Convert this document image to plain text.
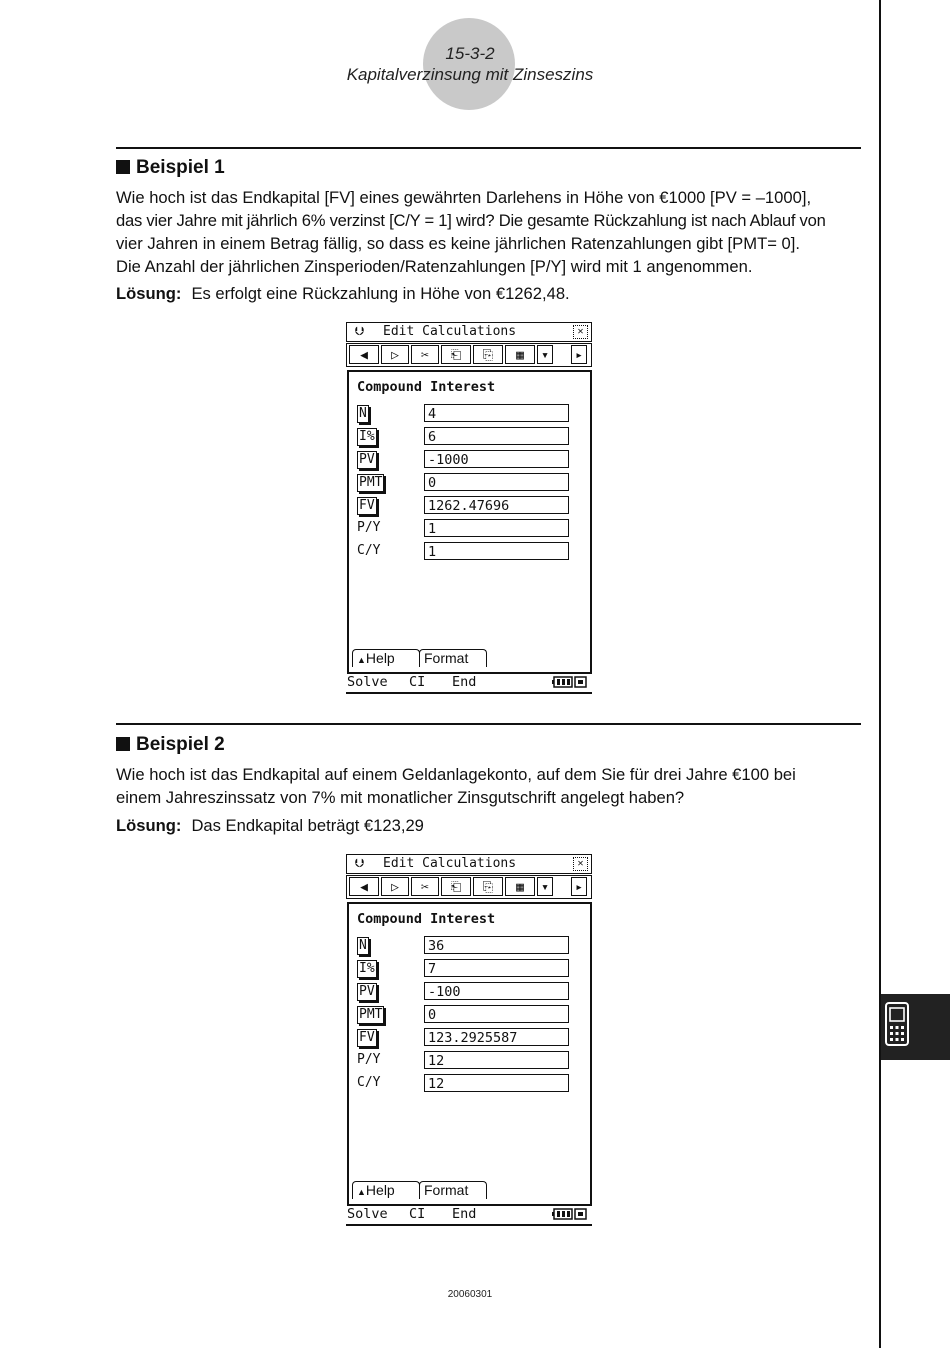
15-3-2
Kapitalverzinsung mit Zinseszins
Beispiel 1
Wie hoch ist das Endkapital [FV] eines gewährten Darlehens in Höhe von €1000 [PV = –1000],
das vier Jahre mit jährlich 6% verzinst [C/Y = 1] wird? Die gesamte Rückzahlung ist nach Ablauf von
vier Jahren in einem Betrag fällig, so dass es keine jährlichen Ratenzahlungen gibt [PMT= 0].
Die Anzahl der jährlichen Zinsperioden/Ratenzahlungen [P/Y] wird mit 1 angenommen.
Lösung: Es erfolgt eine Rückzahlung in Höhe von €1262,48.
⮋ Edit Calculations	✕
◀	▷	✂	⎗	⎘	▦	▾	▸
Compound Interest
N	4
I%	6
PV	-1000
PMT	0
FV	1262.47696
P/Y	1
C/Y	1
▲Help	Format
Solve CI End
Beispiel 2
Wie hoch ist das Endkapital auf einem Geldanlagekonto, auf dem Sie für drei Jahre €100 bei
einem Jahreszinssatz von 7% mit monatlicher Zinsgutschrift angelegt haben?
Lösung: Das Endkapital beträgt €123,29
⮋ Edit Calculations	✕
◀	▷	✂	⎗	⎘	▦	▾	▸
Compound Interest
N	36
I%	7
PV	-100
PMT	0
FV	123.2925587
P/Y	12
C/Y	12
▲Help	Format
Solve CI End
20060301
